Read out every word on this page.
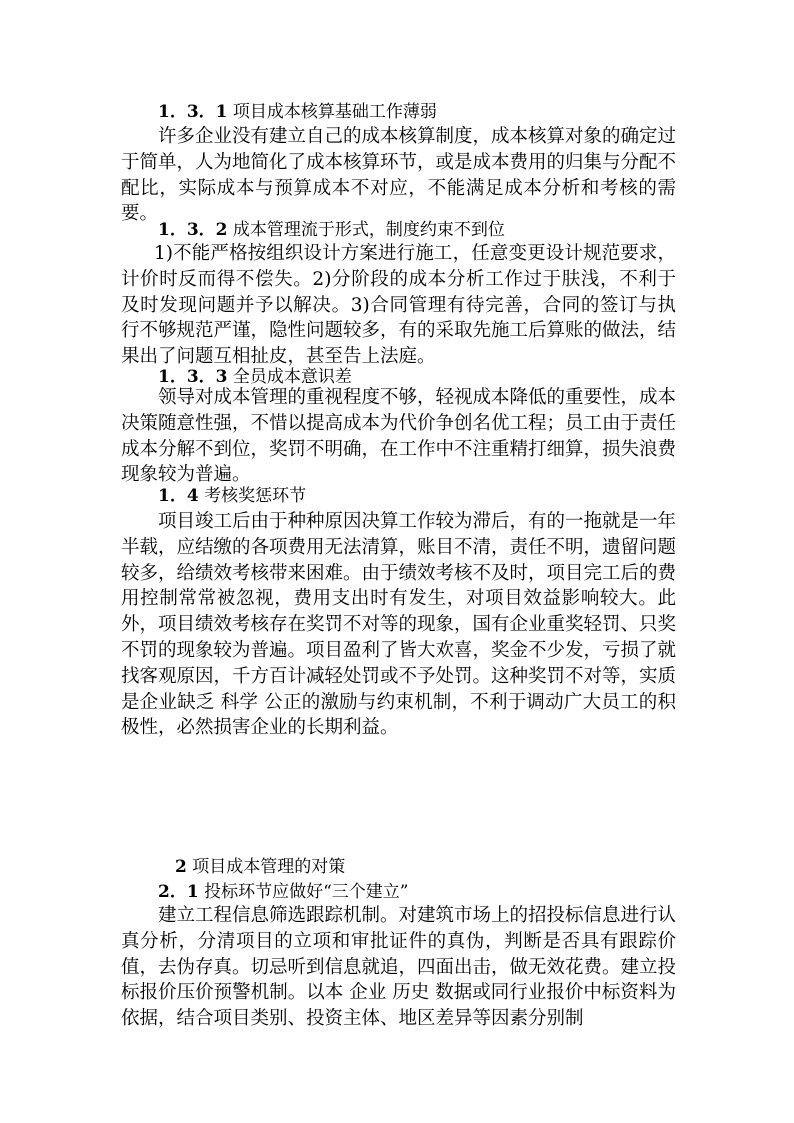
1．3．1 项目成本核算基础工作薄弱

许多企业没有建立自己的成本核算制度，成本核算对象的确定过于简单，人为地简化了成本核算环节，或是成本费用的归集与分配不配比，实际成本与预算成本不对应，不能满足成本分析和考核的需要。

1．3．2 成本管理流于形式，制度约束不到位

1)不能严格按组织设计方案进行施工，任意变更设计规范要求，计价时反而得不偿失。2)分阶段的成本分析工作过于肤浅，不利于及时发现问题并予以解决。3)合同管理有待完善，合同的签订与执行不够规范严谨，隐性问题较多，有的采取先施工后算账的做法，结果出了问题互相扯皮，甚至告上法庭。

1．3．3 全员成本意识差

领导对成本管理的重视程度不够，轻视成本降低的重要性，成本决策随意性强，不惜以提高成本为代价争创名优工程；员工由于责任成本分解不到位，奖罚不明确，在工作中不注重精打细算，损失浪费现象较为普遍。

1．4 考核奖惩环节

项目竣工后由于种种原因决算工作较为滞后，有的一拖就是一年半载，应结缴的各项费用无法清算，账目不清，责任不明，遗留问题较多，给绩效考核带来困难。由于绩效考核不及时，项目完工后的费用控制常常被忽视，费用支出时有发生，对项目效益影响较大。此外，项目绩效考核存在奖罚不对等的现象，国有企业重奖轻罚、只奖不罚的现象较为普遍。项目盈利了皆大欢喜，奖金不少发，亏损了就找客观原因，千方百计减轻处罚或不予处罚。这种奖罚不对等，实质是企业缺乏 科学 公正的激励与约束机制，不利于调动广大员工的积极性，必然损害企业的长期利益。

2 项目成本管理的对策
2．1 投标环节应做好“三个建立”

建立工程信息筛选跟踪机制。对建筑市场上的招投标信息进行认真分析，分清项目的立项和审批证件的真伪，判断是否具有跟踪价值，去伪存真。切忌听到信息就追，四面出击，做无效花费。建立投标报价压价预警机制。以本 企业 历史 数据或同行业报价中标资料为依据，结合项目类别、投资主体、地区差异等因素分别制
